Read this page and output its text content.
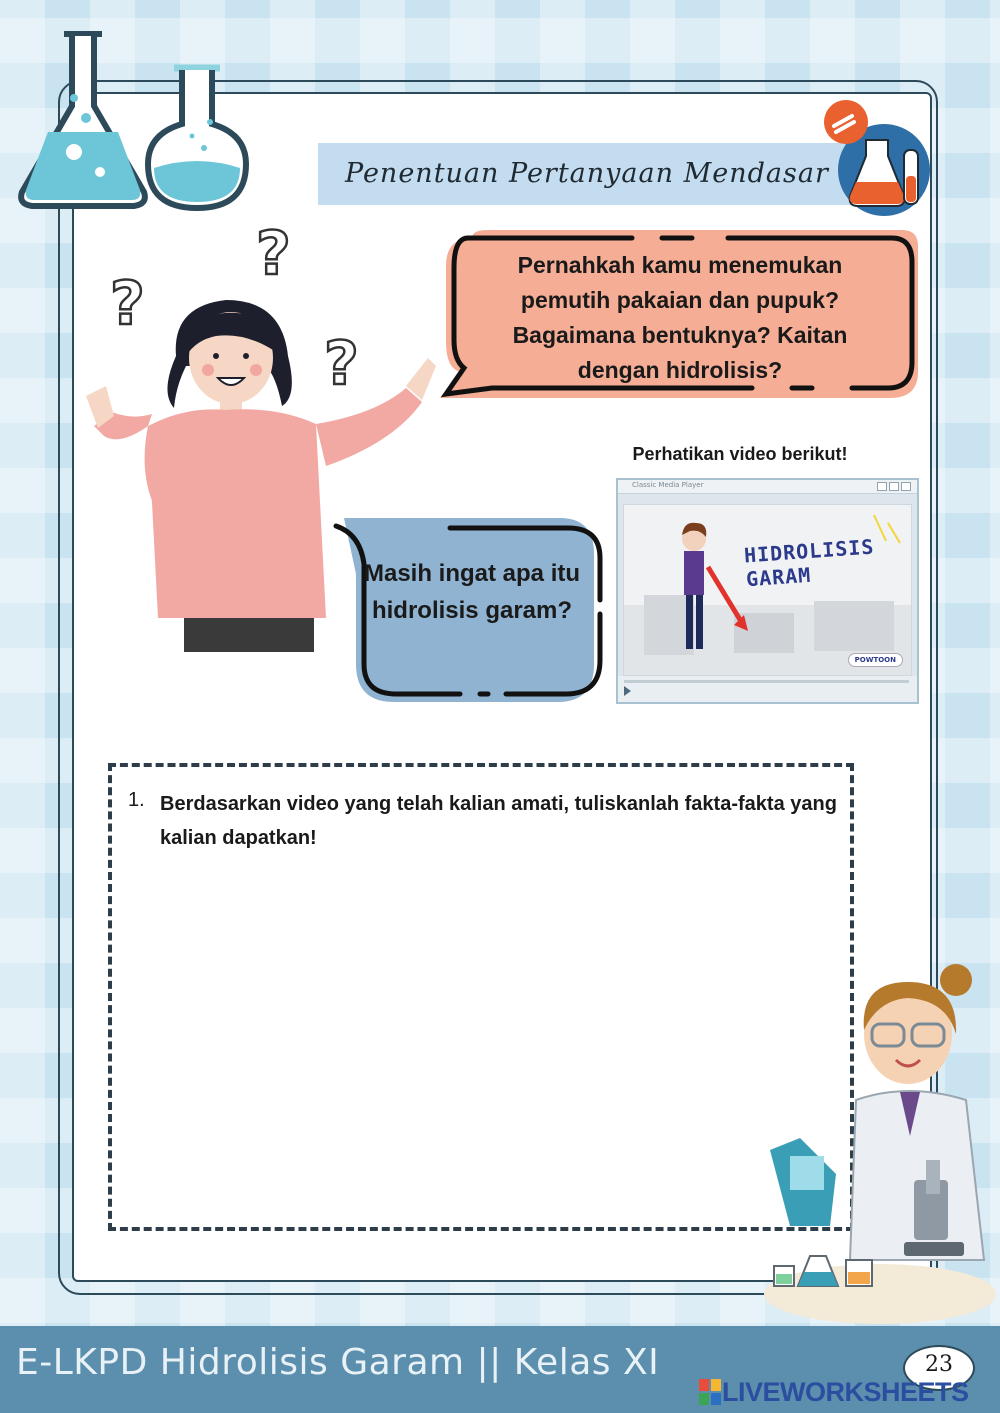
Penentuan Pertanyaan Mendasar
?
?
?
Pernahkah kamu menemukan pemutih pakaian dan pupuk? Bagaimana bentuknya? Kaitan dengan hidrolisis?
Masih ingat apa itu hidrolisis garam?
Perhatikan video berikut!
Classic Media Player
HIDROLISIS
GARAM
POWTOON
1. Berdasarkan video yang telah kalian amati, tuliskanlah fakta-fakta yang kalian dapatkan!
E-LKPD Hidrolisis Garam || Kelas XI	23
LIVEWORKSHEETS
